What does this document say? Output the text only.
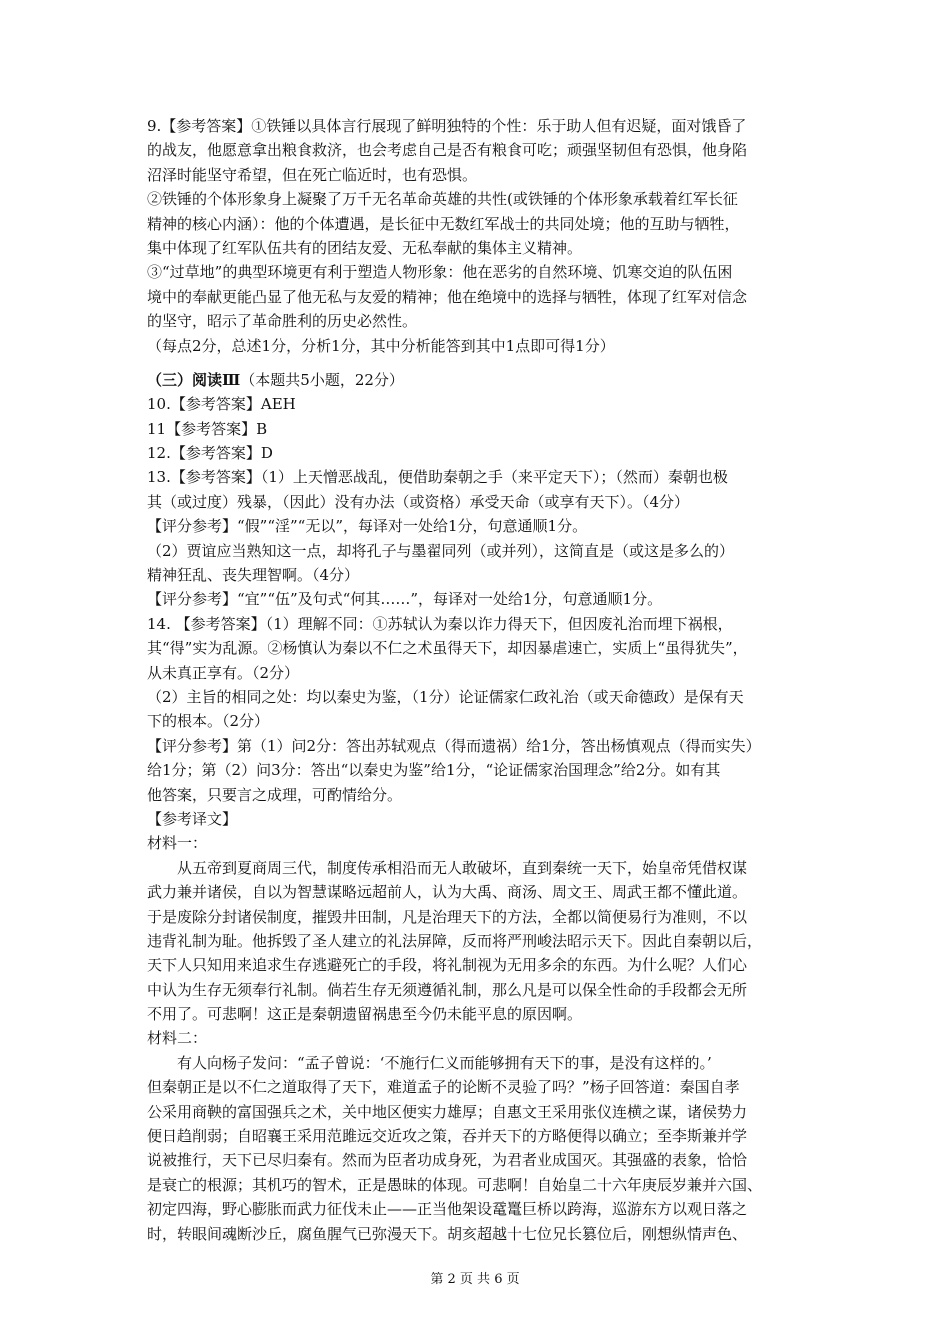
9.【参考答案】①铁锤以具体言行展现了鲜明独特的个性：乐于助人但有迟疑，面对饿昏了
的战友，他愿意拿出粮食救济，也会考虑自己是否有粮食可吃；顽强坚韧但有恐惧，他身陷
沼泽时能坚守希望，但在死亡临近时，也有恐惧。
②铁锤的个体形象身上凝聚了万千无名革命英雄的共性(或铁锤的个体形象承载着红军长征
精神的核心内涵）：他的个体遭遇，是长征中无数红军战士的共同处境；他的互助与牺牲，
集中体现了红军队伍共有的团结友爱、无私奉献的集体主义精神。
③“过草地”的典型环境更有利于塑造人物形象：他在恶劣的自然环境、饥寒交迫的队伍困
境中的奉献更能凸显了他无私与友爱的精神；他在绝境中的选择与牺牲，体现了红军对信念
的坚守，昭示了革命胜利的历史必然性。
（每点2分，总述1分，分析1分，其中分析能答到其中1点即可得1分）
（三）阅读Ⅲ（本题共5小题，22分）
10.【参考答案】AEH
11【参考答案】B
12.【参考答案】D
13.【参考答案】（1）上天憎恶战乱，便借助秦朝之手（来平定天下）；（然而）秦朝也极
其（或过度）残暴，（因此）没有办法（或资格）承受天命（或享有天下）。（4分）
【评分参考】“假”“淫”“无以”，每译对一处给1分，句意通顺1分。
（2）贾谊应当熟知这一点，却将孔子与墨翟同列（或并列），这简直是（或这是多么的）
精神狂乱、丧失理智啊。（4分）
【评分参考】“宜”“伍”及句式“何其……”，每译对一处给1分，句意通顺1分。
14. 【参考答案】（1）理解不同：①苏轼认为秦以诈力得天下，但因废礼治而埋下祸根，
其“得”实为乱源。②杨慎认为秦以不仁之术虽得天下，却因暴虐速亡，实质上“虽得犹失”，
从未真正享有。（2分）
（2）主旨的相同之处：均以秦史为鉴，（1分）论证儒家仁政礼治（或天命德政）是保有天
下的根本。（2分）
【评分参考】第（1）问2分：答出苏轼观点（得而遗祸）给1分，答出杨慎观点（得而实失）
给1分；第（2）问3分：答出“以秦史为鉴”给1分，“论证儒家治国理念”给2分。如有其
他答案，只要言之成理，可酌情给分。
【参考译文】
材料一：
从五帝到夏商周三代，制度传承相沿而无人敢破坏，直到秦统一天下，始皇帝凭借权谋
武力兼并诸侯，自以为智慧谋略远超前人，认为大禹、商汤、周文王、周武王都不懂此道。
于是废除分封诸侯制度，摧毁井田制，凡是治理天下的方法，全都以简便易行为准则，不以
违背礼制为耻。他拆毁了圣人建立的礼法屏障，反而将严刑峻法昭示天下。因此自秦朝以后，
天下人只知用来追求生存逃避死亡的手段，将礼制视为无用多余的东西。为什么呢？人们心
中认为生存无须奉行礼制。倘若生存无须遵循礼制，那么凡是可以保全性命的手段都会无所
不用了。可悲啊！这正是秦朝遗留祸患至今仍未能平息的原因啊。
材料二：
有人向杨子发问：“孟子曾说：‘不施行仁义而能够拥有天下的事，是没有这样的。’
但秦朝正是以不仁之道取得了天下，难道孟子的论断不灵验了吗？”杨子回答道：秦国自孝
公采用商鞅的富国强兵之术，关中地区便实力雄厚；自惠文王采用张仪连横之谋，诸侯势力
便日趋削弱；自昭襄王采用范雎远交近攻之策，吞并天下的方略便得以确立；至李斯兼并学
说被推行，天下已尽归秦有。然而为臣者功成身死，为君者业成国灭。其强盛的表象，恰恰
是衰亡的根源；其机巧的智术，正是愚昧的体现。可悲啊！自始皇二十六年庚辰岁兼并六国、
初定四海，野心膨胀而武力征伐未止——正当他架设鼋鼍巨桥以跨海，巡游东方以观日落之
时，转眼间魂断沙丘，腐鱼腥气已弥漫天下。胡亥超越十七位兄长篡位后，刚想纵情声色、
第 2 页 共 6 页
